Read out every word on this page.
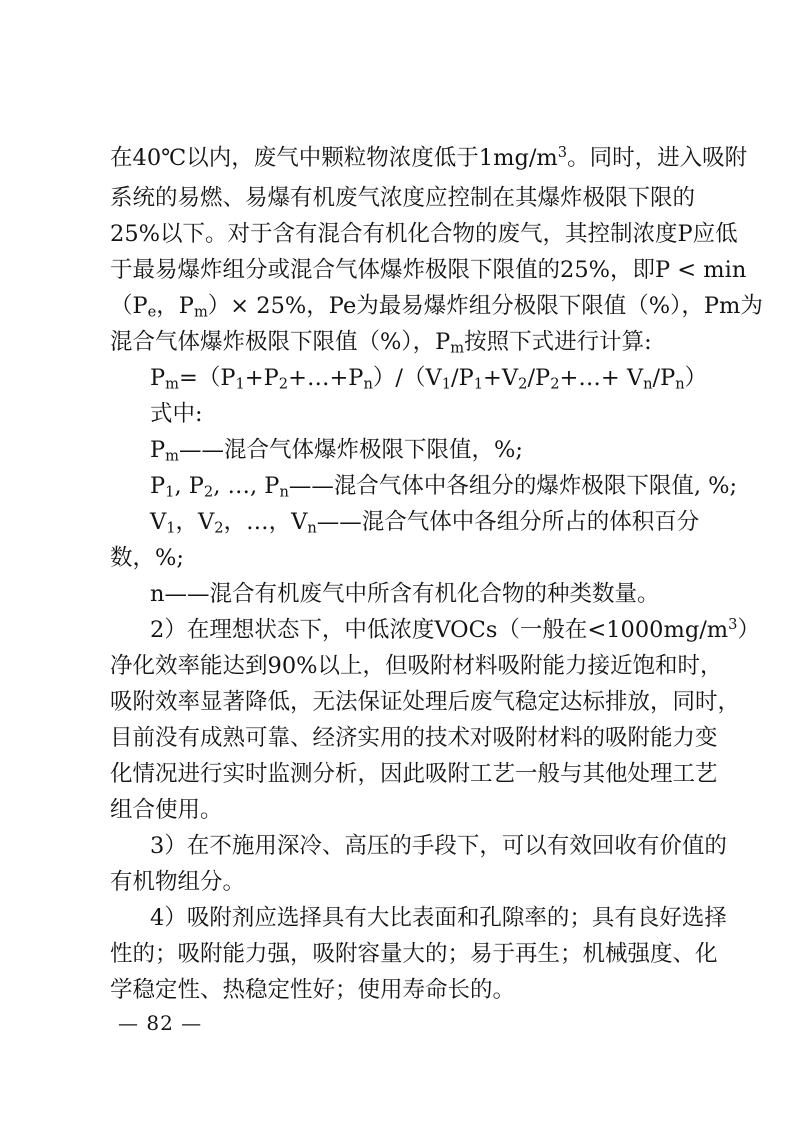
在40℃以内，废气中颗粒物浓度低于$1mg/m^3$。同时，进入吸附
系统的易燃、易爆有机废气浓度应控制在其爆炸极限下限的
25%以下。对于含有混合有机化合物的废气，其控制浓度P应低
于最易爆炸组分或混合气体爆炸极限下限值的25%，即P < min
（$P_e$，$P_m)\times 25\%$，Pe为最易爆炸组分极限下限值（%），Pm为
混合气体爆炸极限下限值（%），$P_m$按照下式进行计算:
$P_m=(P_1+P_2+\dots+P_n)/(V_1/P_1+V_2/P_2+\dots+ V_n/P_n)$
式中:
$P_m——$混合气体爆炸极限下限值，%;
$P_1$, $P_2$, …, $P_n——$混合气体中各组分的爆炸极限下限值, %;
$V_1$，$V_2$，…，$V_n——$混合气体中各组分所占的体积百分
数，%;
n——混合有机废气中所含有机化合物的种类数量。
2）在理想状态下，中低浓度VOCs（一般在$<1000mg/m^3$）
净化效率能达到90%以上，但吸附材料吸附能力接近饱和时，
吸附效率显著降低，无法保证处理后废气稳定达标排放，同时，
目前没有成熟可靠、经济实用的技术对吸附材料的吸附能力变
化情况进行实时监测分析，因此吸附工艺一般与其他处理工艺
组合使用。
3）在不施用深冷、高压的手段下，可以有效回收有价值的
有机物组分。
4）吸附剂应选择具有大比表面和孔隙率的；具有良好选择
性的；吸附能力强，吸附容量大的；易于再生；机械强度、化
学稳定性、热稳定性好；使用寿命长的。
— 82 —
